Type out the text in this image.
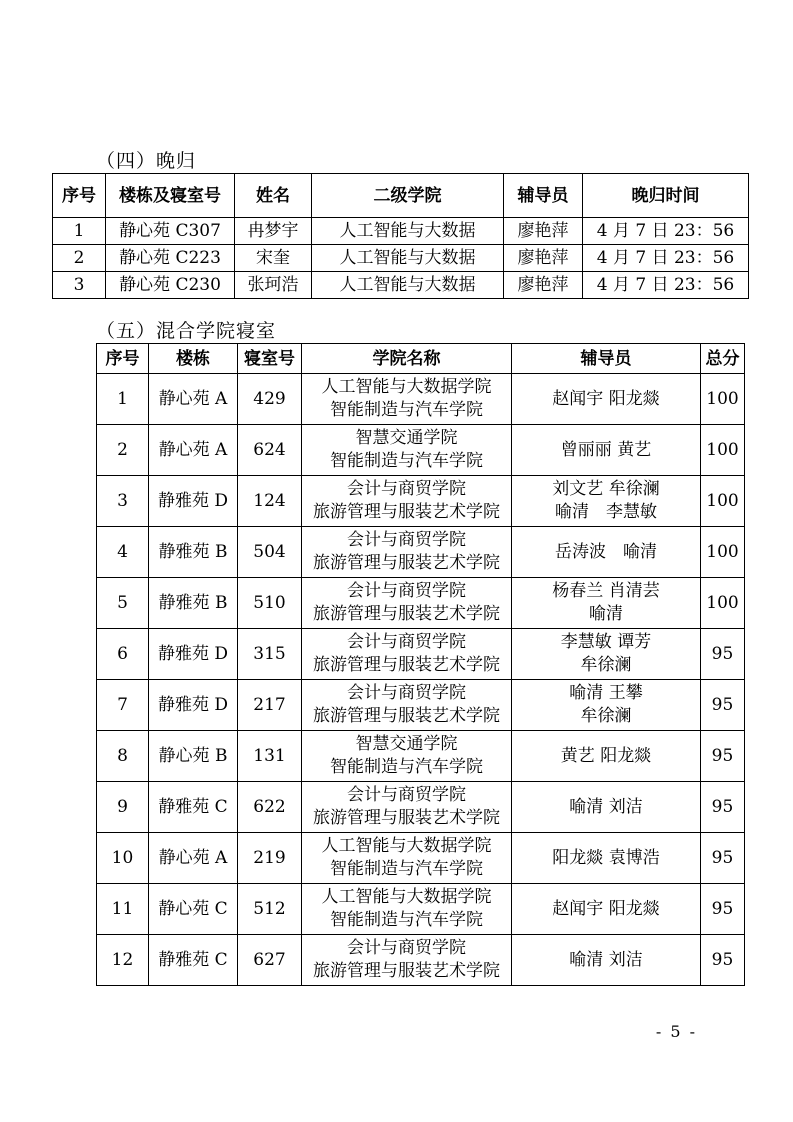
（四）晚归
序号	楼栋及寝室号	姓名	二级学院	辅导员	晚归时间
1	静心苑 C307	冉梦宇	人工智能与大数据	廖艳萍	4 月 7 日 23：56
2	静心苑 C223	宋奎	人工智能与大数据	廖艳萍	4 月 7 日 23：56
3	静心苑 C230	张珂浩	人工智能与大数据	廖艳萍	4 月 7 日 23：56
（五）混合学院寝室
序号	楼栋	寝室号	学院名称	辅导员	总分
1	静心苑 A	429	人工智能与大数据学院
智能制造与汽车学院	赵闻宇 阳龙燚	100
2	静心苑 A	624	智慧交通学院
智能制造与汽车学院	曾丽丽 黄艺	100
3	静雅苑 D	124	会计与商贸学院
旅游管理与服装艺术学院	刘文艺 牟徐澜
喻清　李慧敏	100
4	静雅苑 B	504	会计与商贸学院
旅游管理与服装艺术学院	岳涛波　喻清	100
5	静雅苑 B	510	会计与商贸学院
旅游管理与服装艺术学院	杨春兰 肖清芸
喻清	100
6	静雅苑 D	315	会计与商贸学院
旅游管理与服装艺术学院	李慧敏 谭芳
牟徐澜	95
7	静雅苑 D	217	会计与商贸学院
旅游管理与服装艺术学院	喻清 王攀
牟徐澜	95
8	静心苑 B	131	智慧交通学院
智能制造与汽车学院	黄艺 阳龙燚	95
9	静雅苑 C	622	会计与商贸学院
旅游管理与服装艺术学院	喻清 刘洁	95
10	静心苑 A	219	人工智能与大数据学院
智能制造与汽车学院	阳龙燚 袁博浩	95
11	静心苑 C	512	人工智能与大数据学院
智能制造与汽车学院	赵闻宇 阳龙燚	95
12	静雅苑 C	627	会计与商贸学院
旅游管理与服装艺术学院	喻清 刘洁	95
- 5 -
